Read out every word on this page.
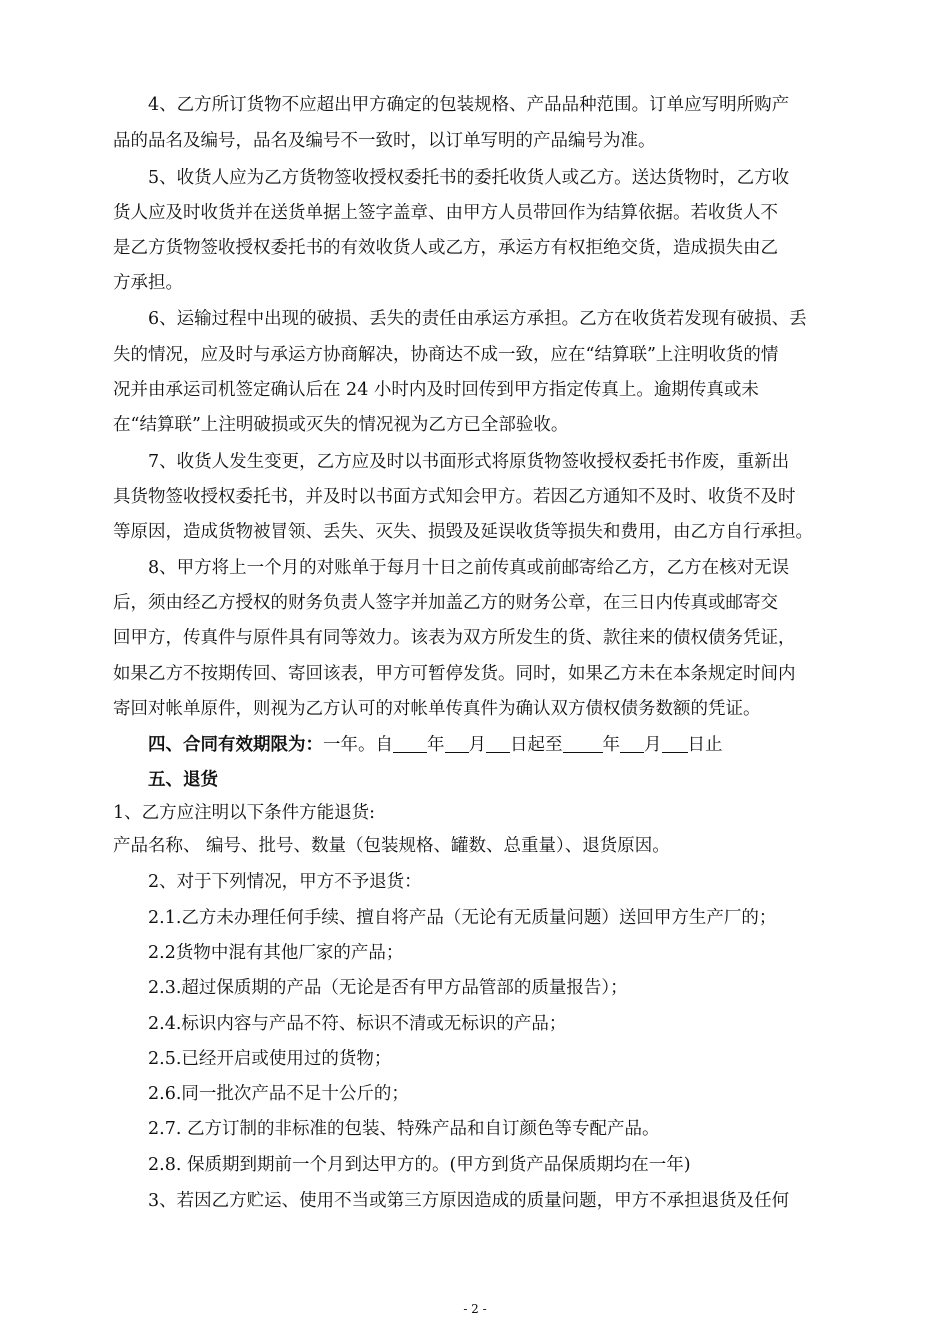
　　4、乙方所订货物不应超出甲方确定的包装规格、产品品种范围。订单应写明所购产
品的品名及编号，品名及编号不一致时，以订单写明的产品编号为准。
　　5、收货人应为乙方货物签收授权委托书的委托收货人或乙方。送达货物时，乙方收
货人应及时收货并在送货单据上签字盖章、由甲方人员带回作为结算依据。若收货人不
是乙方货物签收授权委托书的有效收货人或乙方，承运方有权拒绝交货，造成损失由乙
方承担。
　　6、运输过程中出现的破损、丢失的责任由承运方承担。乙方在收货若发现有破损、丢
失的情况，应及时与承运方协商解决，协商达不成一致，应在“结算联”上注明收货的情
况并由承运司机签定确认后在 24 小时内及时回传到甲方指定传真上。逾期传真或未
在“结算联”上注明破损或灭失的情况视为乙方已全部验收。
　　7、收货人发生变更，乙方应及时以书面形式将原货物签收授权委托书作废，重新出
具货物签收授权委托书，并及时以书面方式知会甲方。若因乙方通知不及时、收货不及时
等原因，造成货物被冒领、丢失、灭失、损毁及延误收货等损失和费用，由乙方自行承担。
　　8、甲方将上一个月的对账单于每月十日之前传真或前邮寄给乙方，乙方在核对无误
后，须由经乙方授权的财务负责人签字并加盖乙方的财务公章，在三日内传真或邮寄交
回甲方，传真件与原件具有同等效力。该表为双方所发生的货、款往来的债权债务凭证，
如果乙方不按期传回、寄回该表，甲方可暂停发货。同时，如果乙方未在本条规定时间内
寄回对帐单原件，则视为乙方认可的对帐单传真件为确认双方债权债务数额的凭证。
　　四、合同有效期限为：一年。自 年 月 日起至 年 月 日止
　　五、退货
1、乙方应注明以下条件方能退货:
产品名称、 编号、批号、数量（包装规格、罐数、总重量）、退货原因。
　　2、对于下列情况，甲方不予退货：
　　2.1.乙方未办理任何手续、擅自将产品（无论有无质量问题）送回甲方生产厂的；
　　2.2货物中混有其他厂家的产品；
　　2.3.超过保质期的产品（无论是否有甲方品管部的质量报告）；
　　2.4.标识内容与产品不符、标识不清或无标识的产品；
　　2.5.已经开启或使用过的货物；
　　2.6.同一批次产品不足十公斤的；
　　2.7. 乙方订制的非标准的包装、特殊产品和自订颜色等专配产品。
　　2.8. 保质期到期前一个月到达甲方的。(甲方到货产品保质期均在一年)
　　3、若因乙方贮运、使用不当或第三方原因造成的质量问题，甲方不承担退货及任何
- 2 -
